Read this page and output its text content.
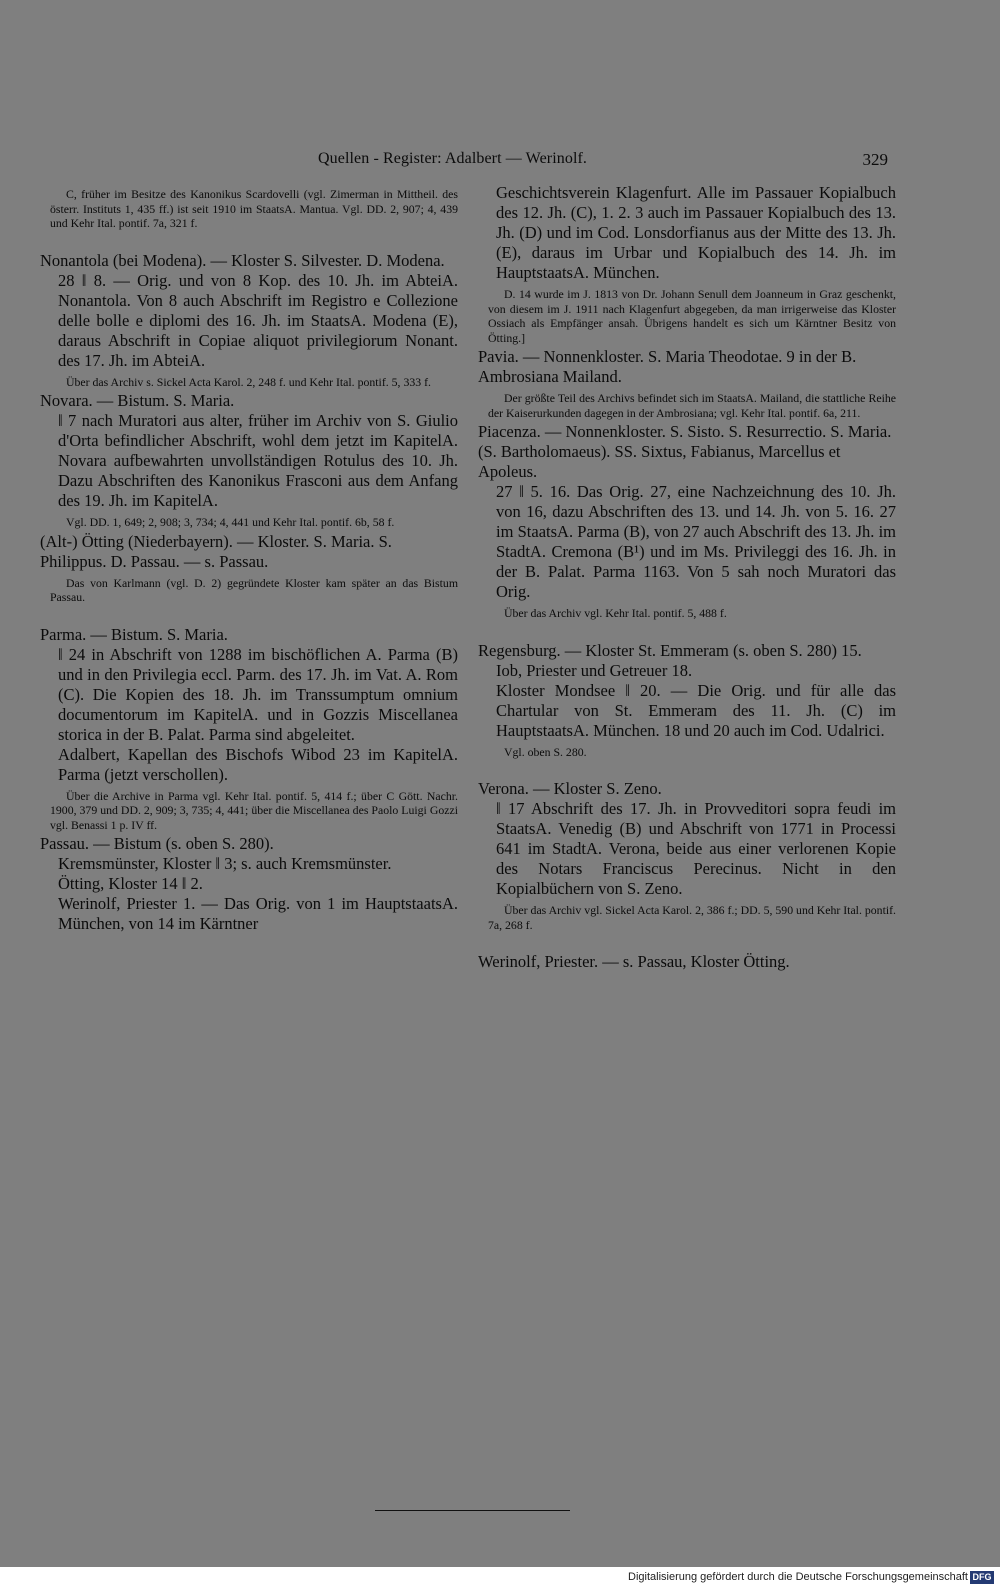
Quellen - Register: Adalbert — Werinolf.	329
C, früher im Besitze des Kanonikus Scardovelli (vgl. Zimerman in Mittheil. des österr. Instituts 1, 435 ff.) ist seit 1910 im StaatsA. Mantua. Vgl. DD. 2, 907; 4, 439 und Kehr Ital. pontif. 7a, 321 f.
Nonantola (bei Modena). — Kloster S. Silvester. D. Modena.
28 ‖ 8. — Orig. und von 8 Kop. des 10. Jh. im AbteiA. Nonantola. Von 8 auch Abschrift im Registro e Collezione delle bolle e diplomi des 16. Jh. im StaatsA. Modena (E), daraus Abschrift in Copiae aliquot privilegiorum Nonant. des 17. Jh. im AbteiA.
Über das Archiv s. Sickel Acta Karol. 2, 248 f. und Kehr Ital. pontif. 5, 333 f.
Novara. — Bistum. S. Maria.
‖ 7 nach Muratori aus alter, früher im Archiv von S. Giulio d'Orta befindlicher Abschrift, wohl dem jetzt im KapitelA. Novara aufbewahrten unvollständigen Rotulus des 10. Jh. Dazu Abschriften des Kanonikus Frasconi aus dem Anfang des 19. Jh. im KapitelA.
Vgl. DD. 1, 649; 2, 908; 3, 734; 4, 441 und Kehr Ital. pontif. 6b, 58 f.
(Alt-) Ötting (Niederbayern). — Kloster. S. Maria. S. Philippus. D. Passau. — s. Passau.
Das von Karlmann (vgl. D. 2) gegründete Kloster kam später an das Bistum Passau.
Parma. — Bistum. S. Maria.
‖ 24 in Abschrift von 1288 im bischöflichen A. Parma (B) und in den Privilegia eccl. Parm. des 17. Jh. im Vat. A. Rom (C). Die Kopien des 18. Jh. im Transsumptum omnium documentorum im KapitelA. und in Gozzis Miscellanea storica in der B. Palat. Parma sind abgeleitet.
Adalbert, Kapellan des Bischofs Wibod 23 im KapitelA. Parma (jetzt verschollen).
Über die Archive in Parma vgl. Kehr Ital. pontif. 5, 414 f.; über C Gött. Nachr. 1900, 379 und DD. 2, 909; 3, 735; 4, 441; über die Miscellanea des Paolo Luigi Gozzi vgl. Benassi 1 p. IV ff.
Passau. — Bistum (s. oben S. 280).
Kremsmünster, Kloster ‖ 3; s. auch Kremsmünster.
Ötting, Kloster 14 ‖ 2.
Werinolf, Priester 1. — Das Orig. von 1 im HauptstaatsA. München, von 14 im Kärntner
Geschichtsverein Klagenfurt. Alle im Passauer Kopialbuch des 12. Jh. (C), 1. 2. 3 auch im Passauer Kopialbuch des 13. Jh. (D) und im Cod. Lonsdorfianus aus der Mitte des 13. Jh. (E), daraus im Urbar und Kopialbuch des 14. Jh. im HauptstaatsA. München.
D. 14 wurde im J. 1813 von Dr. Johann Senull dem Joanneum in Graz geschenkt, von diesem im J. 1911 nach Klagenfurt abgegeben, da man irrigerweise das Kloster Ossiach als Empfänger ansah. Übrigens handelt es sich um Kärntner Besitz von Ötting.]
Pavia. — Nonnenkloster. S. Maria Theodotae. 9 in der B. Ambrosiana Mailand.
Der größte Teil des Archivs befindet sich im StaatsA. Mailand, die stattliche Reihe der Kaiserurkunden dagegen in der Ambrosiana; vgl. Kehr Ital. pontif. 6a, 211.
Piacenza. — Nonnenkloster. S. Sisto. S. Resurrectio. S. Maria. (S. Bartholomaeus). SS. Sixtus, Fabianus, Marcellus et Apoleus.
27 ‖ 5. 16. Das Orig. 27, eine Nachzeichnung des 10. Jh. von 16, dazu Abschriften des 13. und 14. Jh. von 5. 16. 27 im StaatsA. Parma (B), von 27 auch Abschrift des 13. Jh. im StadtA. Cremona (B¹) und im Ms. Privileggi des 16. Jh. in der B. Palat. Parma 1163. Von 5 sah noch Muratori das Orig.
Über das Archiv vgl. Kehr Ital. pontif. 5, 488 f.
Regensburg. — Kloster St. Emmeram (s. oben S. 280) 15.
Iob, Priester und Getreuer 18.
Kloster Mondsee ‖ 20. — Die Orig. und für alle das Chartular von St. Emmeram des 11. Jh. (C) im HauptstaatsA. München. 18 und 20 auch im Cod. Udalrici.
Vgl. oben S. 280.
Verona. — Kloster S. Zeno.
‖ 17 Abschrift des 17. Jh. in Provveditori sopra feudi im StaatsA. Venedig (B) und Abschrift von 1771 in Processi 641 im StadtA. Verona, beide aus einer verlorenen Kopie des Notars Franciscus Perecinus. Nicht in den Kopialbüchern von S. Zeno.
Über das Archiv vgl. Sickel Acta Karol. 2, 386 f.; DD. 5, 590 und Kehr Ital. pontif. 7a, 268 f.
Werinolf, Priester. — s. Passau, Kloster Ötting.
Digitalisierung gefördert durch die Deutsche Forschungsgemeinschaft DFG
